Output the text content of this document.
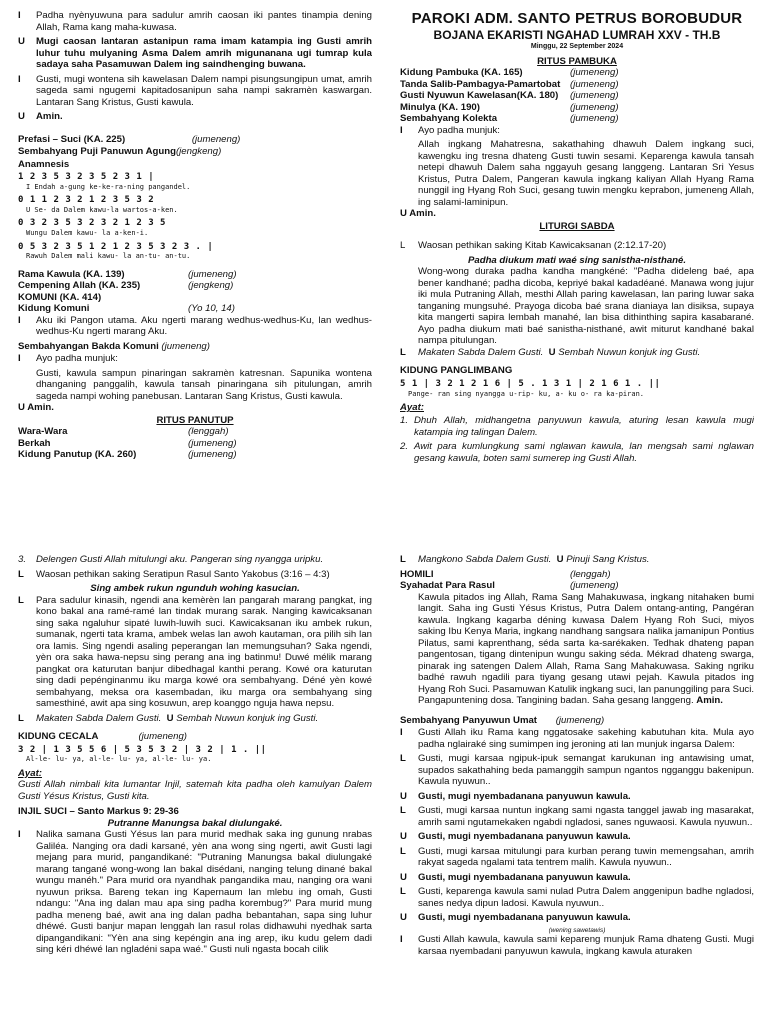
I	Padha nyènyuwuna para sadulur amrih caosan iki pantes tinampia dening Allah, Rama kang maha-kuwasa.
U	Mugi caosan lantaran astanipun rama imam katampia ing Gusti amrih luhur tuhu mulyaning Asma Dalem amrih migunanana ugi tumrap kula sadaya saha Pasamuwan Dalem ing saindhenging buwana.
I	Gusti, mugi wontena sih kawelasan Dalem nampi pisungsungipun umat, amrih sageda sami ngugemi kapitadosanipun saha nampi sakramèn kaswargan. Lantaran Sang Kristus, Gusti kawula.
U	Amin.
Prefasi – Suci (KA. 225)	(jumeneng)
Sembahyang Puji Panuwun Agung(jengkeng)
Anamnesis
1 2 3 5 3 2 3 5 2 3 1 |
I Endah a-gung ke-ke-ra-ning pangandel.
0 1 1 2 3 2 1 2 3 5 3 2
U Se- da Dalem kawu-la wartos-a-ken.
0 3 2 3 5 3 2 3 2 1 2 3 5
Wungu Dalem kawu- la a-ken-i.
0 5 3 2 3 5 1 2 1 2 3 5 3 2 3 . |
Rawuh Dalem mali kawu- la an-tu- an-tu.
Rama Kawula (KA. 139)	(jumeneng)
Cempening Allah (KA. 235)	(jengkeng)
KOMUNI (KA. 414)
Kidung Komuni	(Yo 10, 14)
I	Aku iki Pangon utama. Aku ngerti marang wedhus-wedhus-Ku, lan wedhus-wedhus-Ku ngerti marang Aku.
Sembahyangan Bakda Komuni (jumeneng)
I	Ayo padha munjuk:
Gusti, kawula sampun pinaringan sakramèn katresnan. Sapunika wontena dhanganing panggalih, kawula tansah pinaringana sih pitulungan, amrih sageda nampi wohing panebusan. Lantaran Sang Kristus, Gusti kawula.
U Amin.
RITUS PANUTUP
Wara-Wara	(lenggah)
Berkah	(jumeneng)
Kidung Panutup (KA. 260)	(jumeneng)
PAROKI ADM. SANTO PETRUS BOROBUDUR
BOJANA EKARISTI NGAHAD LUMRAH XXV - TH.B
Minggu, 22 September 2024
RITUS PAMBUKA
Kidung Pambuka (KA. 165)	(jumeneng)
Tanda Salib-Pambagya-Pamartobat	(jumeneng)
Gusti Nyuwun Kawelasan(KA. 180)	(jumeneng)
Minulya (KA. 190)	(jumeneng)
Sembahyang Kolekta	(jumeneng)
I	Ayo padha munjuk:
Allah ingkang Mahatresna, sakathahing dhawuh Dalem ingkang suci, kawengku ing tresna dhateng Gusti tuwin sesami. Keparenga kawula tansah netepi dhawuh Dalem saha nggayuh gesang langgeng. Lantaran Sri Yesus Kristus, Putra Dalem, Pangeran kawula ingkang kaliyan Allah Hyang Rama nunggil ing Hyang Roh Suci, gesang tuwin mengku keprabon, jumeneng Allah, ing salami-laminipun.
U Amin.
LITURGI SABDA
L	Waosan pethikan saking Kitab Kawicaksanan (2:12.17-20)
Padha diukum mati waé sing sanistha-nisthané.
Wong-wong duraka padha kandha mangkéné: "Padha dideleng baé, apa bener kandhané; padha dicoba, kepriyé bakal kadadéané. Manawa wong jujur iki mula Putraning Allah, mesthi Allah paring kawelasan, lan paring luwar saka tanganing mungsuhé. Prayoga dicoba baé srana dianiaya lan disiksa, supaya kita mangerti sapira lembah manahé, lan bisa dithinthing sapira kasabarané. Ayo padha diukum mati baé sanistha-nisthané, awit miturut kandhané bakal nampa pitulungan.
L	Makaten Sabda Dalem Gusti. U Sembah Nuwun konjuk ing Gusti.
KIDUNG PANGLIMBANG
5 1 | 3 2 1 2 1 6 | 5 . 1 3 1 | 2 1 6 1 . ||
Pange- ran sing nyangga u-rip- ku, a- ku o- ra ka-piran.
Ayat:
1. Dhuh Allah, midhangetna panyuwun kawula, aturing lesan kawula mugi katampia ing talingan Dalem.
2. Awit para kumlungkung sami nglawan kawula, lan mengsah sami nglawan gesang kawula, boten sami sumerep ing Gusti Allah.
3. Delengen Gusti Allah mitulungi aku. Pangeran sing nyangga uripku.
L	Waosan pethikan saking Seratipun Rasul Santo Yakobus (3:16 – 4:3)
Sing ambek rukun ngunduh wohing kasucian.
L	Para sadulur kinasih, ngendi ana kemèrèn lan pangarah marang pangkat, ing kono bakal ana ramé-ramé lan tindak murang sarak. Nanging kawicaksanan sing saka ngaluhur sipaté luwih-luwih suci. Kawicaksanan iku ambek rukun, sumanak, ngerti tata krama, ambek welas lan awoh kautaman, ora pilih sih lan ora lamis. Sing ngendi asaling peperangan lan memungsuhan? Saka ngendi, yèn ora saka hawa-nepsu sing perang ana ing batinmu! Duwé mélik marang pangkat ora katurutan banjur dibedhagal kanthi perang. Kowé ora katurutan sing dadi pepénginanmu iku marga kowé ora sembahyang. Déné yèn kowé sembahyang, meksa ora kasembadan, iku marga ora sembahyang sing samesthiné, awit apa sing kosuwun, arep koanggo nguja hawa nepsu.
L	Makaten Sabda Dalem Gusti. U Sembah Nuwun konjuk ing Gusti.
KIDUNG CECALA	(jumeneng)
3 2 | 1 3 5 5 6 | 5 3 5 3 2 | 3 2 | 1 . ||
Al-le- lu- ya, al-le- lu- ya, al-le- lu- ya.
Ayat:
Gusti Allah nimbali kita lumantar Injil, satemah kita padha oleh kamulyan Dalem Gusti Yésus Kristus, Gusti kita.
INJIL SUCI – Santo Markus 9: 29-36
Putranne Manungsa bakal diulungaké.
I	Nalika samana Gusti Yésus lan para murid medhak saka ing gunung nrabas Galiléa. Nanging ora dadi karsané, yèn ana wong sing ngerti, awit Gusti lagi mejang para murid, pangandikané: "Putraning Manungsa bakal diulungaké marang tangané wong-wong lan bakal disédani, nanging telung dinané bakal wungu manéh." Para murid ora nyandhak pangandika mau, nanging ora wani nyuwun priksa. Bareng tekan ing Kapernaum lan mlebu ing omah, Gusti ndangu: "Ana ing dalan mau apa sing padha korembug?" Para murid mung padha meneng baé, awit ana ing dalan padha bebantahan, sapa sing luhur dhéwé. Gusti banjur mapan lenggah lan rasul rolas didhawuhi nyedhak sarta dipangandikani: "Yèn ana sing kepéngin ana ing arep, iku kudu gelem dadi sing kéri dhéwé lan ngladéni sapa waé." Gusti nuli ngasta bocah cilik
L	Mangkono Sabda Dalem Gusti. U Pinuji Sang Kristus.
HOMILI	(lenggah)
Syahadat Para Rasul	(jumeneng)
Kawula pitados ing Allah, Rama Sang Mahakuwasa, ingkang nitahaken bumi langit. Saha ing Gusti Yésus Kristus, Putra Dalem ontang-anting, Pangéran kawula. Ingkang kagarba déning kuwasa Dalem Hyang Roh Suci, miyos saking Ibu Kenya Maria, ingkang nandhang sangsara nalika jamanipun Pontius Pilatus, sami kaprenthang, séda sarta ka-sarékaken. Tedhak dhateng papan pangentosan, tigang dintenipun wungu saking séda. Mékrad dhateng swarga, pinarak ing satengen Dalem Allah, Rama Sang Mahakuwasa. Saking ngriku badhé rawuh ngadili para tiyang gesang utawi pejah. Kawula pitados ing Hyang Roh Suci. Pasamuwan Katulik ingkang suci, lan panunggiling para Suci. Pangapuntening dosa. Tangining badan. Saha gesang langgeng. Amin.
Sembahyang Panyuwun Umat (jumeneng)
I	Gusti Allah iku Rama kang nggatosake sakehing kabutuhan kita. Mula ayo padha nglairaké sing sumimpen ing jeroning ati lan munjuk ingarsa Dalem:
L	Gusti, mugi karsaa ngipuk-ipuk semangat karukunan ing antawising umat, supados sakathahing beda pamanggih sampun ngantos ngganggu bakenipun. Kawula nyuwun..
U	Gusti, mugi nyembadanana panyuwun kawula.
L	Gusti, mugi karsaa nuntun ingkang sami ngasta tanggel jawab ing masarakat, amrih sami ngutamekaken ngabdi ngladosi, sanes nguwaosi. Kawula nyuwun..
U	Gusti, mugi nyembadanana panyuwun kawula.
L	Gusti, mugi karsaa mitulungi para kurban perang tuwin memengsahan, amrih rakyat sageda ngalami tata tentrem malih. Kawula nyuwun..
U	Gusti, mugi nyembadanana panyuwun kawula.
L	Gusti, keparenga kawula sami nulad Putra Dalem anggenipun badhe ngladosi, sanes nedya dipun ladosi. Kawula nyuwun..
U	Gusti, mugi nyembadanana panyuwun kawula.
(wening sawetawis)
I	Gusti Allah kawula, kawula sami kepareng munjuk Rama dhateng Gusti. Mugi karsaa nyembadani panyuwun kawula, ingkang kawula aturaken
